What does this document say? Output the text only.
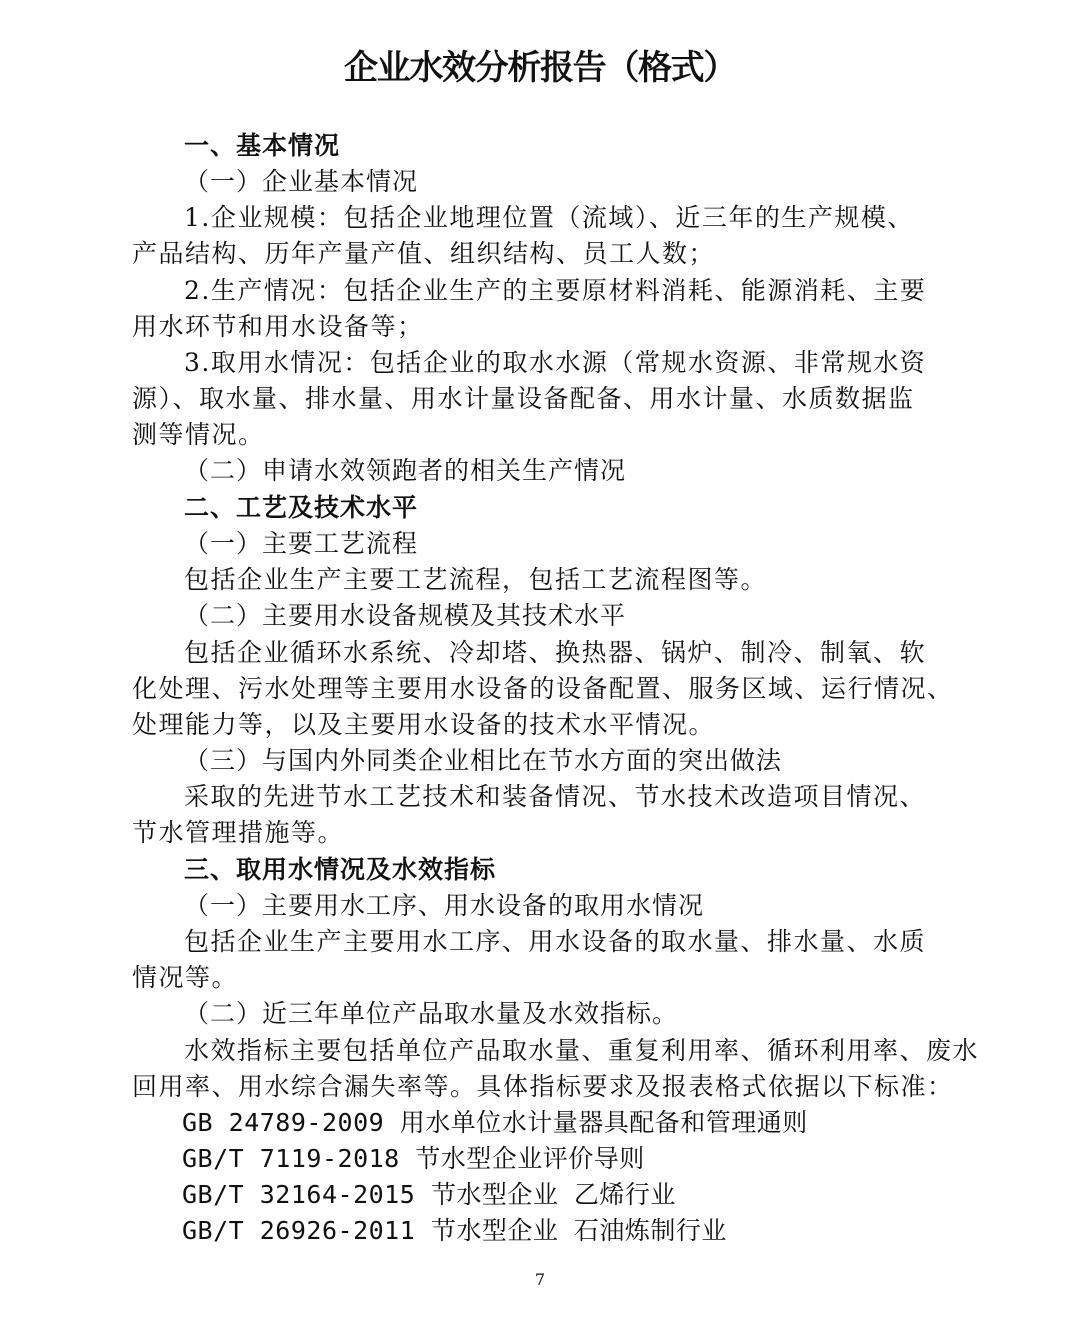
企业水效分析报告（格式）
一、基本情况
（一）企业基本情况
1.企业规模：包括企业地理位置（流域）、近三年的生产规模、
产品结构、历年产量产值、组织结构、员工人数；
2.生产情况：包括企业生产的主要原材料消耗、能源消耗、主要
用水环节和用水设备等；
3.取用水情况：包括企业的取水水源（常规水资源、非常规水资
源）、取水量、排水量、用水计量设备配备、用水计量、水质数据监
测等情况。
（二）申请水效领跑者的相关生产情况
二、工艺及技术水平
（一）主要工艺流程
包括企业生产主要工艺流程，包括工艺流程图等。
（二）主要用水设备规模及其技术水平
包括企业循环水系统、冷却塔、换热器、锅炉、制冷、制氧、软
化处理、污水处理等主要用水设备的设备配置、服务区域、运行情况、
处理能力等，以及主要用水设备的技术水平情况。
（三）与国内外同类企业相比在节水方面的突出做法
采取的先进节水工艺技术和装备情况、节水技术改造项目情况、
节水管理措施等。
三、取用水情况及水效指标
（一）主要用水工序、用水设备的取用水情况
包括企业生产主要用水工序、用水设备的取水量、排水量、水质
情况等。
（二）近三年单位产品取水量及水效指标。
水效指标主要包括单位产品取水量、重复利用率、循环利用率、废水
回用率、用水综合漏失率等。具体指标要求及报表格式依据以下标准：
GB 24789-2009 用水单位水计量器具配备和管理通则
GB/T 7119-2018 节水型企业评价导则
GB/T 32164-2015 节水型企业 乙烯行业
GB/T 26926-2011 节水型企业 石油炼制行业
7
